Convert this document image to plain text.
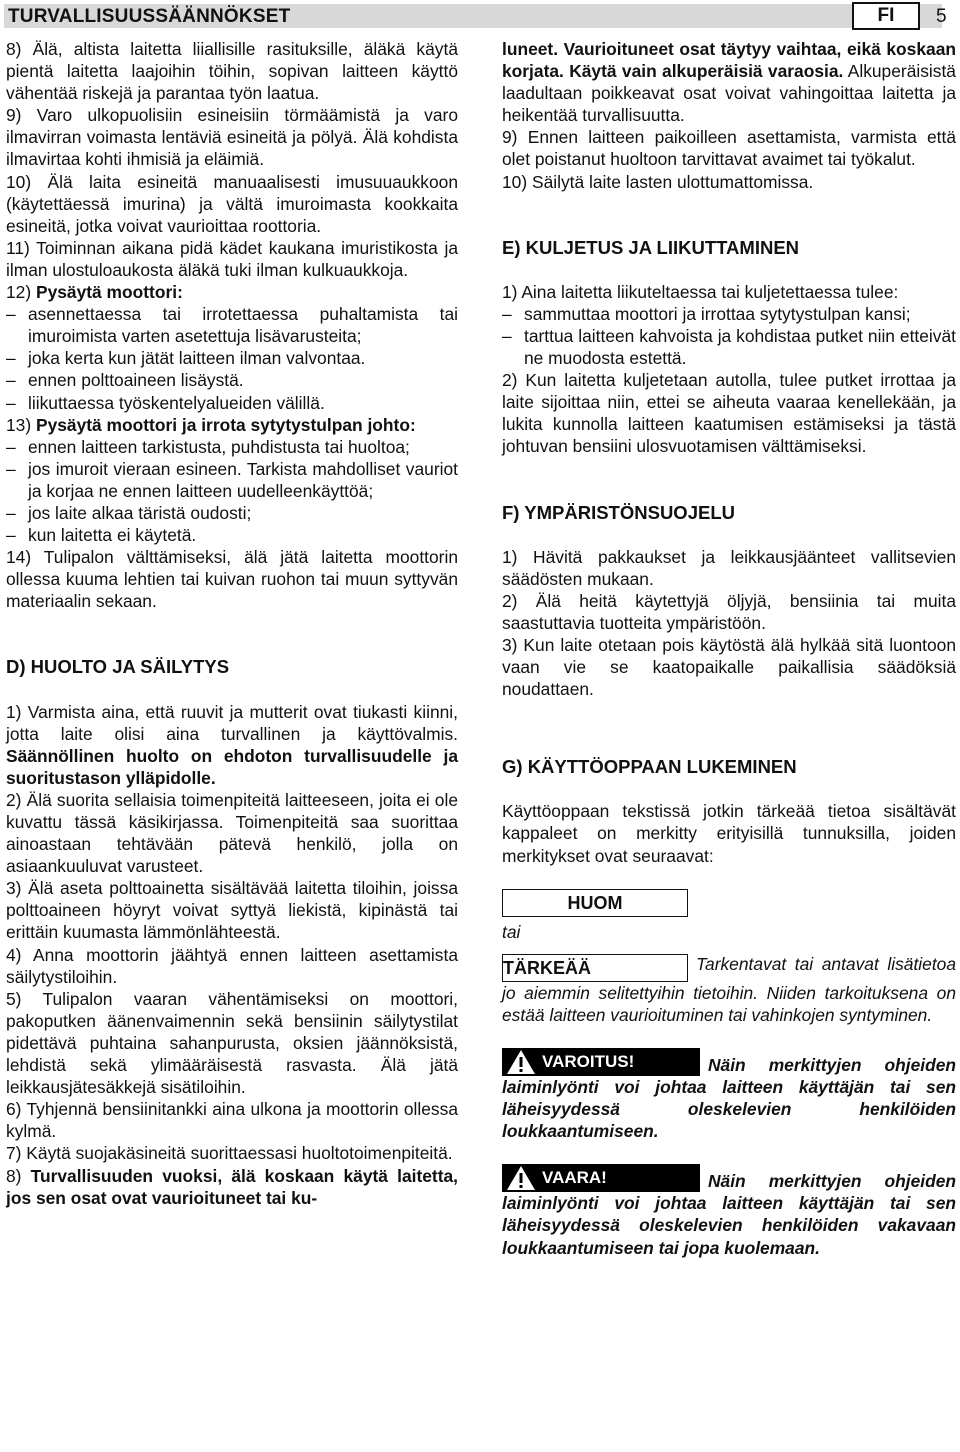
TURVALLISUUSSÄÄNNÖKSET	FI	5

8) Älä, altista laitetta liiallisille rasituksille, äläkä käytä pientä laitetta laajoihin töihin, sopivan laitteen käyttö vähentää riskejä ja parantaa työn laatua.

9) Varo ulkopuolisiin esineisiin törmäämistä ja varo ilmavirran voimasta lentäviä esineitä ja pölyä. Älä kohdista ilmavirtaa kohti ihmisiä ja eläimiä.

10) Älä laita esineitä manuaalisesti imusuuaukkoon (käytettäessä imurina) ja vältä imuroimasta kookkaita esineitä, jotka voivat vaurioittaa roottoria.

11) Toiminnan aikana pidä kädet kaukana imuristikosta ja ilman ulostuloaukosta äläkä tuki ilman kulkuaukkoja.

12) Pysäytä moottori:

– asennettaessa tai irrotettaessa puhaltamista tai imuroimista varten asetettuja lisävarusteita;

– joka kerta kun jätät laitteen ilman valvontaa.

– ennen polttoaineen lisäystä.

– liikuttaessa työskentelyalueiden välillä.

13) Pysäytä moottori ja irrota sytytystulpan johto:

– ennen laitteen tarkistusta, puhdistusta tai huoltoa;

– jos imuroit vieraan esineen. Tarkista mahdolliset vauriot ja korjaa ne ennen laitteen uudelleenkäyttöä;

– jos laite alkaa täristä oudosti;

– kun laitetta ei käytetä.

14) Tulipalon välttämiseksi, älä jätä laitetta moottorin ollessa kuuma lehtien tai kuivan ruohon tai muun syttyvän materiaalin sekaan.

D) HUOLTO JA SÄILYTYS

1) Varmista aina, että ruuvit ja mutterit ovat tiukasti kiinni, jotta laite olisi aina turvallinen ja käyttövalmis. Säännöllinen huolto on ehdoton turvallisuudelle ja suoritustason ylläpidolle.

2) Älä suorita sellaisia toimenpiteitä laitteeseen, joita ei ole kuvattu tässä käsikirjassa. Toimenpiteitä saa suorittaa ainoastaan tehtävään pätevä henkilö, jolla on asiaankuuluvat varusteet.

3) Älä aseta polttoainetta sisältävää laitetta tiloihin, joissa polttoaineen höyryt voivat syttyä liekistä, kipinästä tai erittäin kuumasta lämmönlähteestä.

4) Anna moottorin jäähtyä ennen laitteen asettamista säilytystiloihin.

5) Tulipalon vaaran vähentämiseksi on moottori, pakoputken äänenvaimennin sekä bensiinin säilytystilat pidettävä puhtaina sahanpurusta, oksien jäännöksistä, lehdistä sekä ylimääräisestä rasvasta. Älä jätä leikkausjätesäkkejä sisätiloihin.

6) Tyhjennä bensiinitankki aina ulkona ja moottorin ollessa kylmä.

7) Käytä suojakäsineitä suorittaessasi huoltotoimenpiteitä.

8) Turvallisuuden vuoksi, älä koskaan käytä laitetta, jos sen osat ovat vaurioituneet tai ku-

luneet. Vaurioituneet osat täytyy vaihtaa, eikä koskaan korjata. Käytä vain alkuperäisiä varaosia. Alkuperäisistä laadultaan poikkeavat osat voivat vahingoittaa laitetta ja heikentää turvallisuutta.

9) Ennen laitteen paikoilleen asettamista, varmista että olet poistanut huoltoon tarvittavat avaimet tai työkalut.

10) Säilytä laite lasten ulottumattomissa.

E) KULJETUS JA LIIKUTTAMINEN

1) Aina laitetta liikuteltaessa tai kuljetettaessa tulee:

– sammuttaa moottori ja irrottaa sytytystulpan kansi;

– tarttua laitteen kahvoista ja kohdistaa putket niin etteivät ne muodosta estettä.

2) Kun laitetta kuljetetaan autolla, tulee putket irrottaa ja laite sijoittaa niin, ettei se aiheuta vaaraa kenellekään, ja lukita kunnolla laitteen kaatumisen estämiseksi ja tästä johtuvan bensiini ulosvuotamisen välttämiseksi.

F) YMPÄRISTÖNSUOJELU

1) Hävitä pakkaukset ja leikkausjäänteet vallitsevien säädösten mukaan.

2) Älä heitä käytettyjä öljyjä, bensiinia tai muita saastuttavia tuotteita ympäristöön.

3) Kun laite otetaan pois käytöstä älä hylkää sitä luontoon vaan vie se kaatopaikalle paikallisia säädöksiä noudattaen.

G) KÄYTTÖOPPAAN LUKEMINEN

Käyttöoppaan tekstissä jotkin tärkeää tietoa sisältävät kappaleet on merkitty erityisillä tunnuksilla, joiden merkitykset ovat seuraavat:

HUOM

tai

TÄRKEÄÄ	Tarkentavat tai antavat lisätietoa jo aiemmin selitettyihin tietoihin. Niiden tarkoituksena on estää laitteen vaurioituminen tai vahinkojen syntyminen.

VAROITUS!	Näin merkittyjen ohjeiden laiminlyönti voi johtaa laitteen käyttäjän tai sen läheisyydessä oleskelevien henkilöiden loukkaantumiseen.

VAARA!	Näin merkittyjen ohjeiden laiminlyönti voi johtaa laitteen käyttäjän tai sen läheisyydessä oleskelevien henkilöiden vakavaan loukkaantumiseen tai jopa kuolemaan.
